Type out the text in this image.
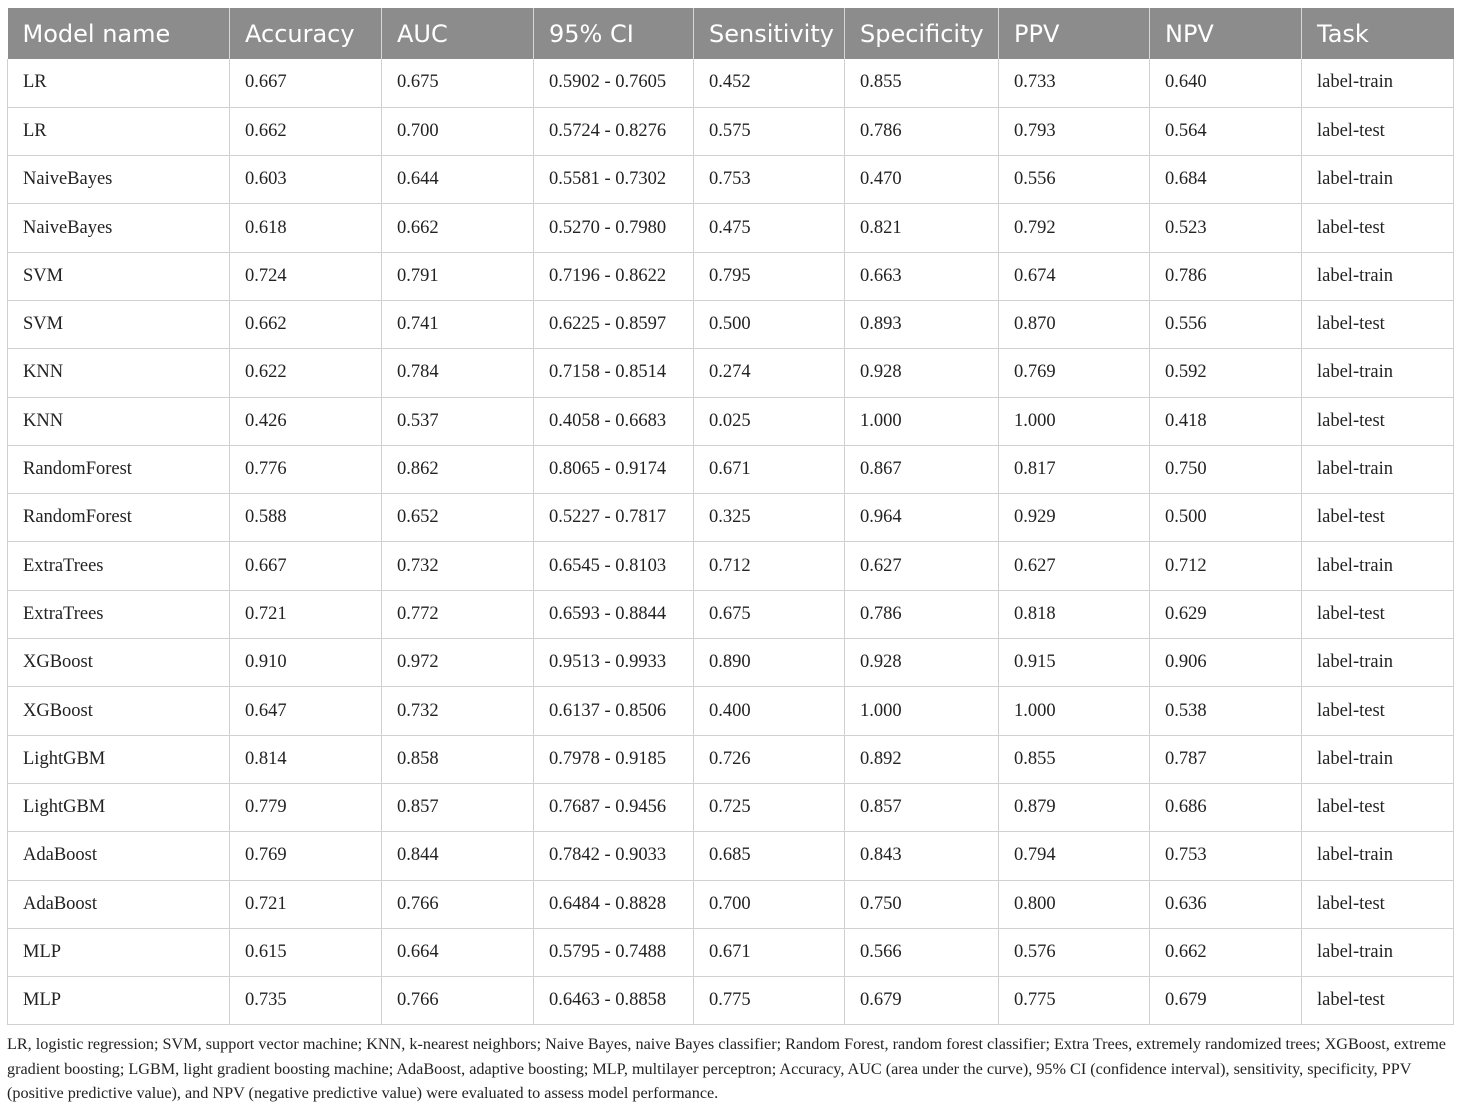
Model name	Accuracy	AUC	95% CI	Sensitivity	Specificity	PPV	NPV	Task
LR	0.667	0.675	0.5902 - 0.7605	0.452	0.855	0.733	0.640	label-train
LR	0.662	0.700	0.5724 - 0.8276	0.575	0.786	0.793	0.564	label-test
NaiveBayes	0.603	0.644	0.5581 - 0.7302	0.753	0.470	0.556	0.684	label-train
NaiveBayes	0.618	0.662	0.5270 - 0.7980	0.475	0.821	0.792	0.523	label-test
SVM	0.724	0.791	0.7196 - 0.8622	0.795	0.663	0.674	0.786	label-train
SVM	0.662	0.741	0.6225 - 0.8597	0.500	0.893	0.870	0.556	label-test
KNN	0.622	0.784	0.7158 - 0.8514	0.274	0.928	0.769	0.592	label-train
KNN	0.426	0.537	0.4058 - 0.6683	0.025	1.000	1.000	0.418	label-test
RandomForest	0.776	0.862	0.8065 - 0.9174	0.671	0.867	0.817	0.750	label-train
RandomForest	0.588	0.652	0.5227 - 0.7817	0.325	0.964	0.929	0.500	label-test
ExtraTrees	0.667	0.732	0.6545 - 0.8103	0.712	0.627	0.627	0.712	label-train
ExtraTrees	0.721	0.772	0.6593 - 0.8844	0.675	0.786	0.818	0.629	label-test
XGBoost	0.910	0.972	0.9513 - 0.9933	0.890	0.928	0.915	0.906	label-train
XGBoost	0.647	0.732	0.6137 - 0.8506	0.400	1.000	1.000	0.538	label-test
LightGBM	0.814	0.858	0.7978 - 0.9185	0.726	0.892	0.855	0.787	label-train
LightGBM	0.779	0.857	0.7687 - 0.9456	0.725	0.857	0.879	0.686	label-test
AdaBoost	0.769	0.844	0.7842 - 0.9033	0.685	0.843	0.794	0.753	label-train
AdaBoost	0.721	0.766	0.6484 - 0.8828	0.700	0.750	0.800	0.636	label-test
MLP	0.615	0.664	0.5795 - 0.7488	0.671	0.566	0.576	0.662	label-train
MLP	0.735	0.766	0.6463 - 0.8858	0.775	0.679	0.775	0.679	label-test

LR, logistic regression; SVM, support vector machine; KNN, k-nearest neighbors; Naive Bayes, naive Bayes classifier; Random Forest, random forest classifier; Extra Trees, extremely randomized trees; XGBoost, extreme gradient boosting; LGBM, light gradient boosting machine; AdaBoost, adaptive boosting; MLP, multilayer perceptron; Accuracy, AUC (area under the curve), 95% CI (confidence interval), sensitivity, specificity, PPV (positive predictive value), and NPV (negative predictive value) were evaluated to assess model performance.
